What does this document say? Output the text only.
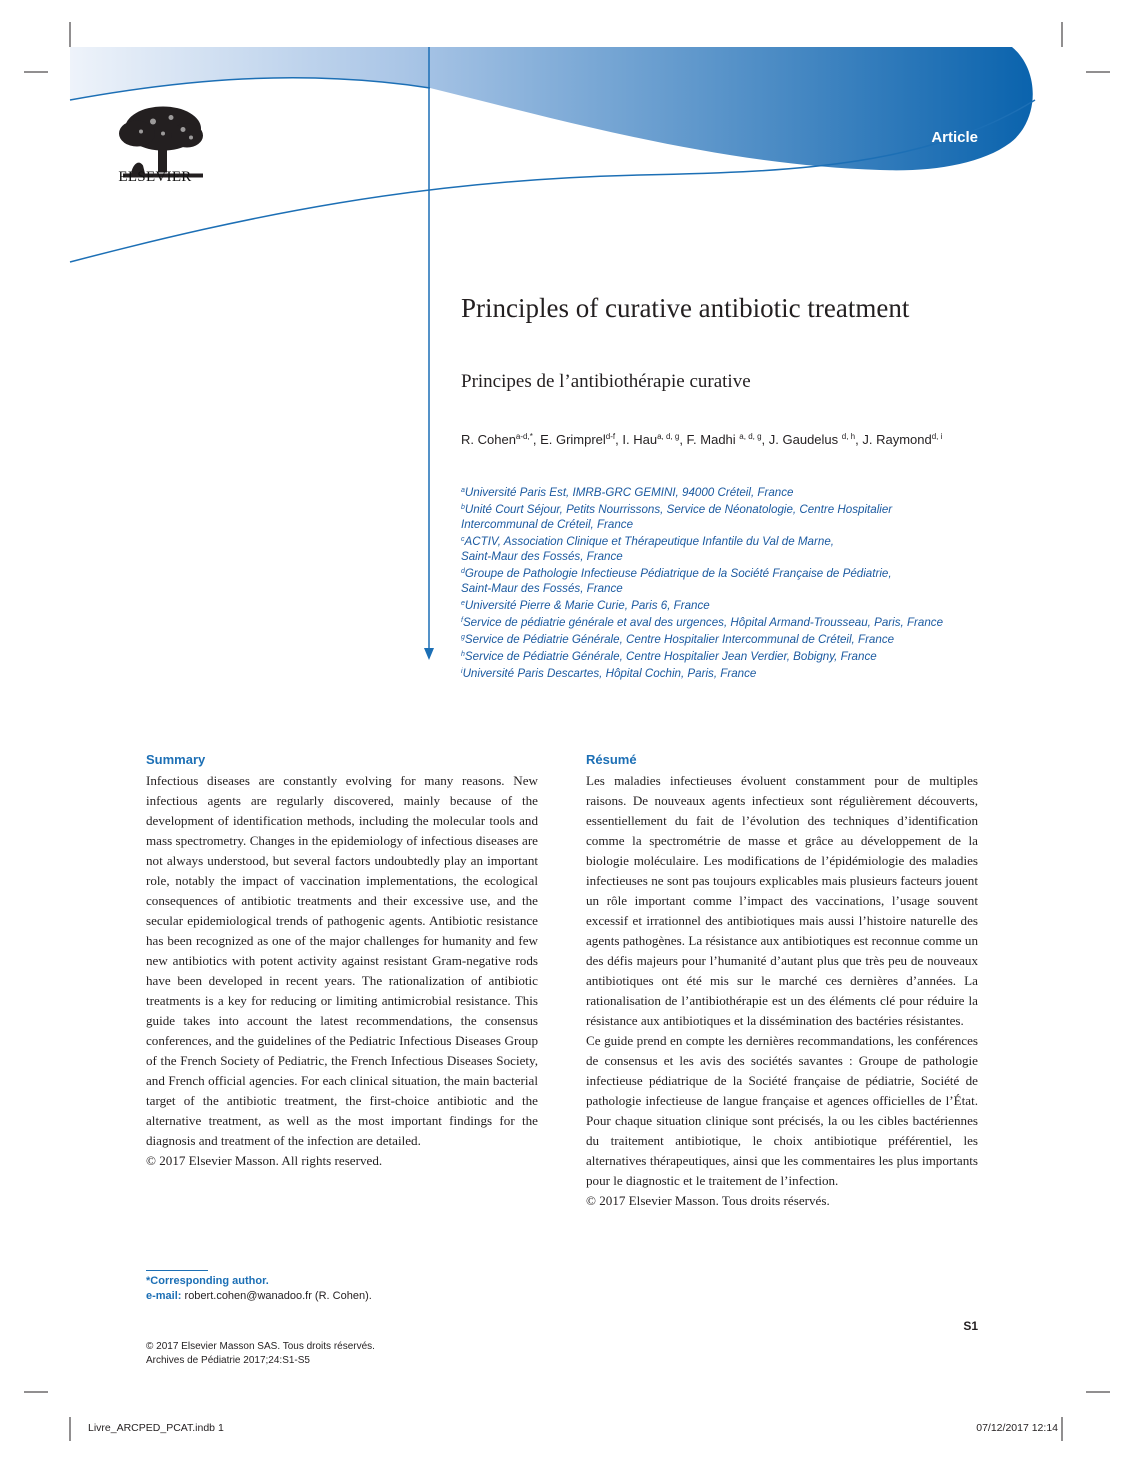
ELSEVIER
Article
Principles of curative antibiotic treatment
Principes de l’antibiothérapie curative
R. Cohen$^{a-d,*}$, E. Grimprel$^{d-f}$, I. Hau$^{a, d, g}$, F. Madhi $^{a, d, g}$, J. Gaudelus $^{d, h}$, J. Raymond$^{d, i}$
$^a$Université Paris Est, IMRB-GRC GEMINI, 94000 Créteil, France
$^b$Unité Court Séjour, Petits Nourrissons, Service de Néonatologie, Centre Hospitalier
Intercommunal de Créteil, France
$^c$ACTIV, Association Clinique et Thérapeutique Infantile du Val de Marne,
Saint-Maur des Fossés, France
$^d$Groupe de Pathologie Infectieuse Pédiatrique de la Société Française de Pédiatrie,
Saint-Maur des Fossés, France
$^e$Université Pierre & Marie Curie, Paris 6, France
$^f$Service de pédiatrie générale et aval des urgences, Hôpital Armand-Trousseau, Paris, France
$^g$Service de Pédiatrie Générale, Centre Hospitalier Intercommunal de Créteil, France
$^h$Service de Pédiatrie Générale, Centre Hospitalier Jean Verdier, Bobigny, France
$^i$Université Paris Descartes, Hôpital Cochin, Paris, France
Summary

Infectious diseases are constantly evolving for many reasons. New infectious agents are regularly discovered, mainly because of the development of identification methods, including the molecular tools and mass spectrometry. Changes in the epidemiology of infectious diseases are not always understood, but several factors undoubtedly play an important role, notably the impact of vaccination implementations, the ecological consequences of antibiotic treatments and their excessive use, and the secular epidemiological trends of pathogenic agents. Antibiotic resistance has been recognized as one of the major challenges for humanity and few new antibiotics with potent activity against resistant Gram-negative rods have been developed in recent years. The rationalization of antibiotic treatments is a key for reducing or limiting antimicrobial resistance. This guide takes into account the latest recommendations, the consensus conferences, and the guidelines of the Pediatric Infectious Diseases Group of the French Society of Pediatric, the French Infectious Diseases Society, and French official agencies. For each clinical situation, the main bacterial target of the antibiotic treatment, the first-choice antibiotic and the alternative treatment, as well as the most important findings for the diagnosis and treatment of the infection are detailed.

© 2017 Elsevier Masson. All rights reserved.

Résumé

Les maladies infectieuses évoluent constamment pour de multiples raisons. De nouveaux agents infectieux sont régulièrement découverts, essentiellement du fait de l’évolution des techniques d’identification comme la spectrométrie de masse et grâce au développement de la biologie moléculaire. Les modifications de l’épidémiologie des maladies infectieuses ne sont pas toujours explicables mais plusieurs facteurs jouent un rôle important comme l’impact des vaccinations, l’usage souvent excessif et irrationnel des antibiotiques mais aussi l’histoire naturelle des agents pathogènes. La résistance aux antibiotiques est reconnue comme un des défis majeurs pour l’humanité d’autant plus que très peu de nouveaux antibiotiques ont été mis sur le marché ces dernières d’années. La rationalisation de l’antibiothérapie est un des éléments clé pour réduire la résistance aux antibiotiques et la dissémination des bactéries résistantes.

Ce guide prend en compte les dernières recommandations, les conférences de consensus et les avis des sociétés savantes : Groupe de pathologie infectieuse pédiatrique de la Société française de pédiatrie, Société de pathologie infectieuse de langue française et agences officielles de l’État. Pour chaque situation clinique sont précisés, la ou les cibles bactériennes du traitement antibiotique, le choix antibiotique préférentiel, les alternatives thérapeutiques, ainsi que les commentaires les plus importants pour le diagnostic et le traitement de l’infection.

© 2017 Elsevier Masson. Tous droits réservés.

*Corresponding author.
e-mail: robert.cohen@wanadoo.fr (R. Cohen).
S1
© 2017 Elsevier Masson SAS. Tous droits réservés.
Archives de Pédiatrie 2017;24:S1-S5
Livre_ARCPED_PCAT.indb 1	07/12/2017 12:14
